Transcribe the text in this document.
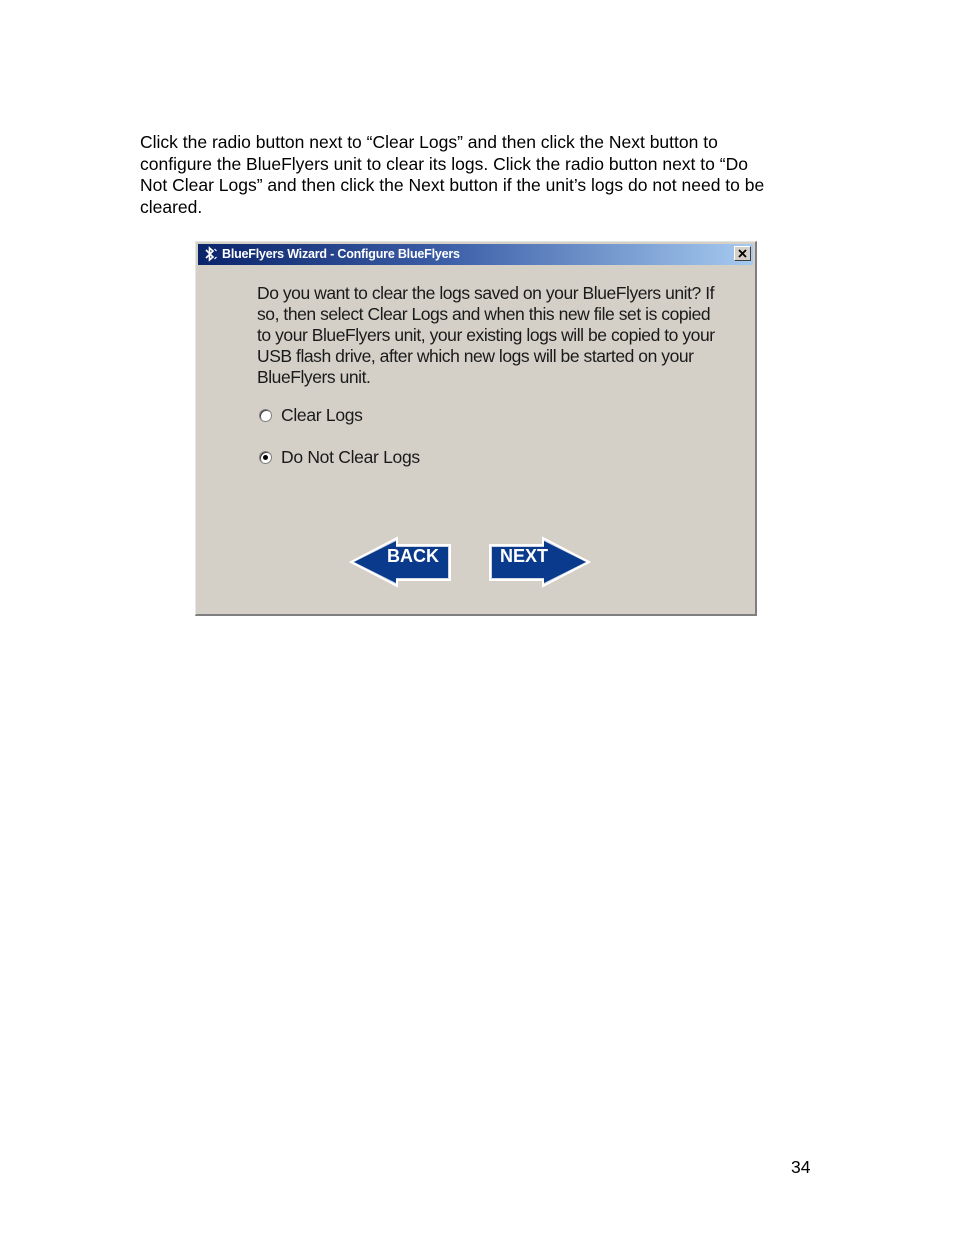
Click the radio button next to “Clear Logs” and then click the Next button to
configure the BlueFlyers unit to clear its logs. Click the radio button next to “Do
Not Clear Logs” and then click the Next button if the unit’s logs do not need to be
cleared.

BlueFlyers Wizard - Configure BlueFlyers
Do you want to clear the logs saved on your BlueFlyers unit? If so, then select Clear Logs and when this new file set is copied to your BlueFlyers unit, your existing logs will be copied to your USB flash drive, after which new logs will be started on your BlueFlyers unit.
Clear Logs
Do Not Clear Logs
BACK	NEXT
34
